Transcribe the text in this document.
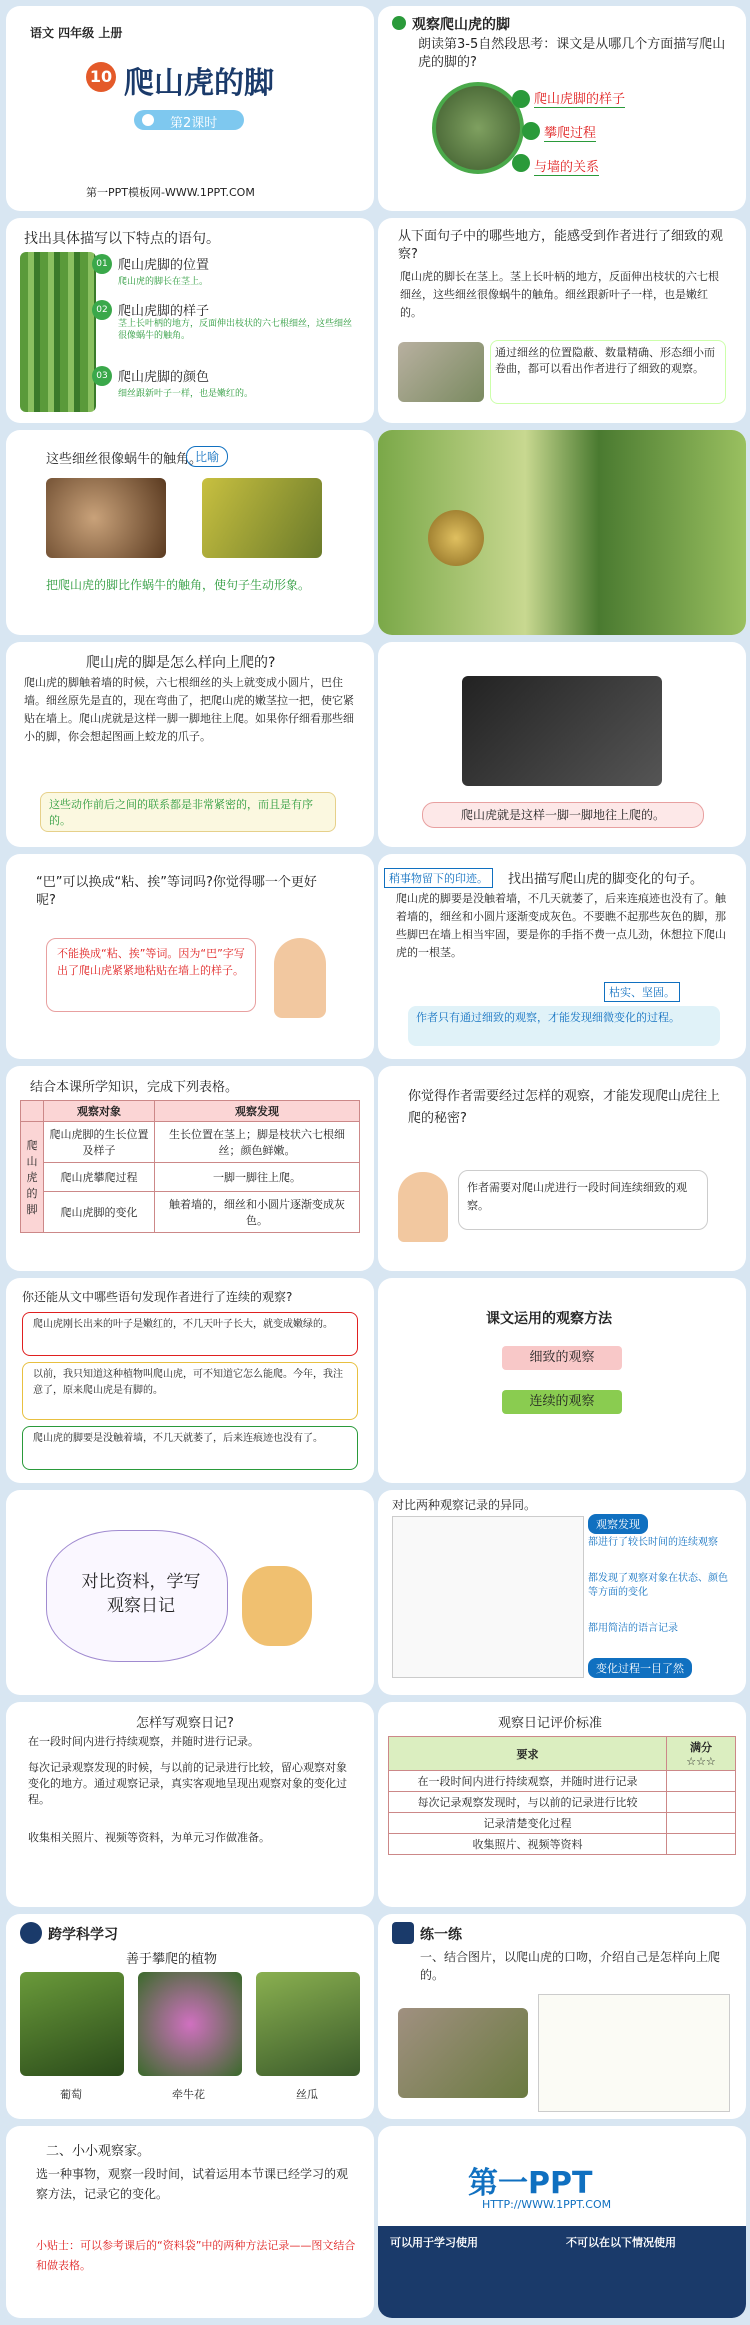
语文 四年级 上册
10 爬山虎的脚
第2课时
第一PPT模板网-WWW.1PPT.COM
观察爬山虎的脚
朗读第3-5自然段思考：课文是从哪几个方面描写爬山虎的脚的?
爬山虎脚的样子
攀爬过程
与墙的关系
找出具体描写以下特点的语句。
01 爬山虎脚的位置
爬山虎的脚长在茎上。
02 爬山虎脚的样子
茎上长叶柄的地方，反面伸出枝状的六七根细丝，这些细丝很像蜗牛的触角。
03 爬山虎脚的颜色
细丝跟新叶子一样，也是嫩红的。
从下面句子中的哪些地方，能感受到作者进行了细致的观察?
爬山虎的脚长在茎上。茎上长叶柄的地方，反面伸出枝状的六七根细丝，这些细丝很像蜗牛的触角。细丝跟新叶子一样，也是嫩红的。
通过细丝的位置隐蔽、数量精确、形态细小而卷曲，都可以看出作者进行了细致的观察。
这些细丝很像蜗牛的触角。
比喻
把爬山虎的脚比作蜗牛的触角，使句子生动形象。
爬山虎的脚是怎么样向上爬的?
爬山虎的脚触着墙的时候，六七根细丝的头上就变成小圆片，巴住墙。细丝原先是直的，现在弯曲了，把爬山虎的嫩茎拉一把，使它紧贴在墙上。爬山虎就是这样一脚一脚地往上爬。如果你仔细看那些细小的脚，你会想起图画上蛟龙的爪子。
这些动作前后之间的联系都是非常紧密的，而且是有序的。	爬山虎就是这样一脚一脚地往上爬的。
“巴”可以换成“粘、挨”等词吗?你觉得哪一个更好呢?
不能换成“粘、挨”等词。因为“巴”字写出了爬山虎紧紧地粘贴在墙上的样子。
稍事物留下的印迹。	找出描写爬山虎的脚变化的句子。
爬山虎的脚要是没触着墙，不几天就萎了，后来连痕迹也没有了。触着墙的，细丝和小圆片逐渐变成灰色。不要瞧不起那些灰色的脚，那些脚巴在墙上相当牢固，要是你的手指不费一点儿劲，休想拉下爬山虎的一根茎。
枯实、坚固。
作者只有通过细致的观察，才能发现细微变化的过程。
结合本课所学知识，完成下列表格。
	观察对象	观察发现
爬山虎的脚	爬山虎脚的生长位置及样子	生长位置在茎上；脚是枝状六七根细丝；颜色鲜嫩。
	爬山虎攀爬过程	一脚一脚往上爬。
	爬山虎脚的变化	触着墙的，细丝和小圆片逐渐变成灰色。
你觉得作者需要经过怎样的观察，才能发现爬山虎往上爬的秘密?
作者需要对爬山虎进行一段时间连续细致的观察。
你还能从文中哪些语句发现作者进行了连续的观察?
爬山虎刚长出来的叶子是嫩红的，不几天叶子长大，就变成嫩绿的。
以前，我只知道这种植物叫爬山虎，可不知道它怎么能爬。今年，我注意了，原来爬山虎是有脚的。
爬山虎的脚要是没触着墙，不几天就萎了，后来连痕迹也没有了。
课文运用的观察方法
细致的观察
连续的观察
对比资料，学写观察日记
对比两种观察记录的异同。
观察发现
都进行了较长时间的连续观察
都发现了观察对象在状态、颜色等方面的变化
都用简洁的语言记录
变化过程一目了然
怎样写观察日记?
在一段时间内进行持续观察，并随时进行记录。
每次记录观察发现的时候，与以前的记录进行比较，留心观察对象变化的地方。通过观察记录，真实客观地呈现出观察对象的变化过程。
收集相关照片、视频等资料，为单元习作做准备。
观察日记评价标准
要求	满分
☆☆☆
在一段时间内进行持续观察，并随时进行记录	
每次记录观察发现时，与以前的记录进行比较	
记录清楚变化过程	
收集照片、视频等资料	
跨学科学习
善于攀爬的植物
葡萄	牵牛花	丝瓜
练一练
一、结合图片，以爬山虎的口吻，介绍自己是怎样向上爬的。
二、小小观察家。
选一种事物，观察一段时间，试着运用本节课已经学习的观察方法，记录它的变化。
小贴士：可以参考课后的“资料袋”中的两种方法记录——图文结合和做表格。
第一PPT
HTTP://WWW.1PPT.COM
可以用于学习使用	不可以在以下情况使用
